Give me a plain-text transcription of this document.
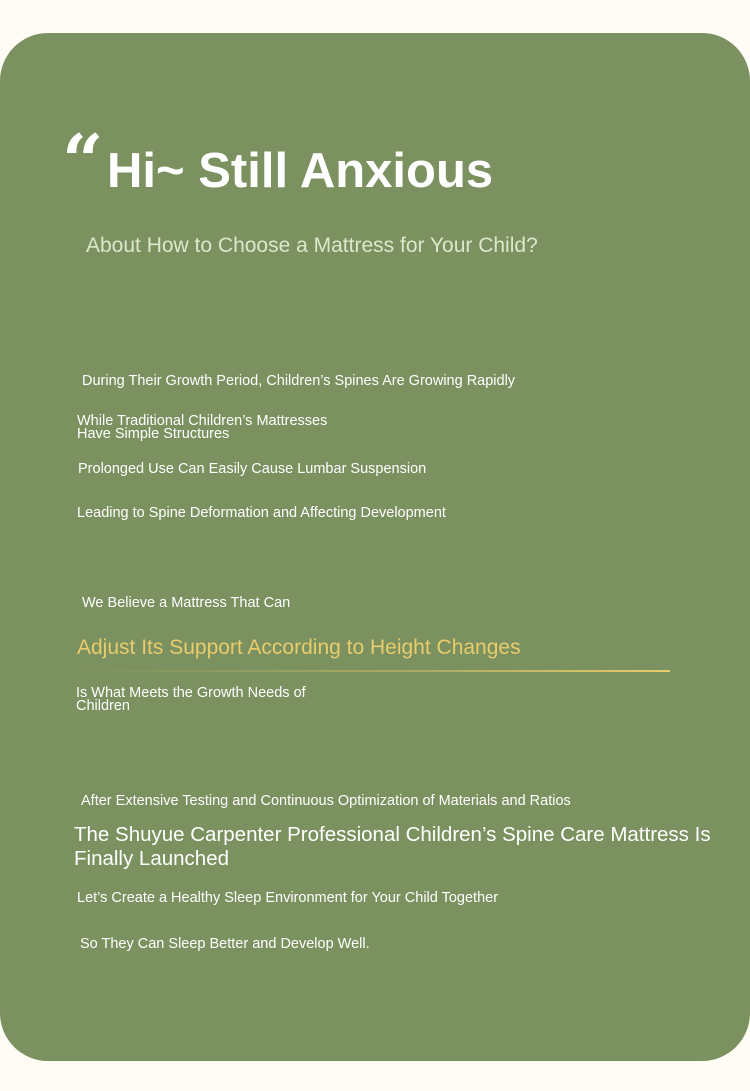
“ Hi~ Still Anxious
About How to Choose a Mattress for Your Child?
During Their Growth Period, Children’s Spines Are Growing Rapidly
While Traditional Children’s Mattresses
Have Simple Structures
Prolonged Use Can Easily Cause Lumbar Suspension
Leading to Spine Deformation and Affecting Development
We Believe a Mattress That Can
Adjust Its Support According to Height Changes
Is What Meets the Growth Needs of
Children
After Extensive Testing and Continuous Optimization of Materials and Ratios
The Shuyue Carpenter Professional Children’s Spine Care Mattress Is Finally Launched
Let’s Create a Healthy Sleep Environment for Your Child Together
So They Can Sleep Better and Develop Well.
